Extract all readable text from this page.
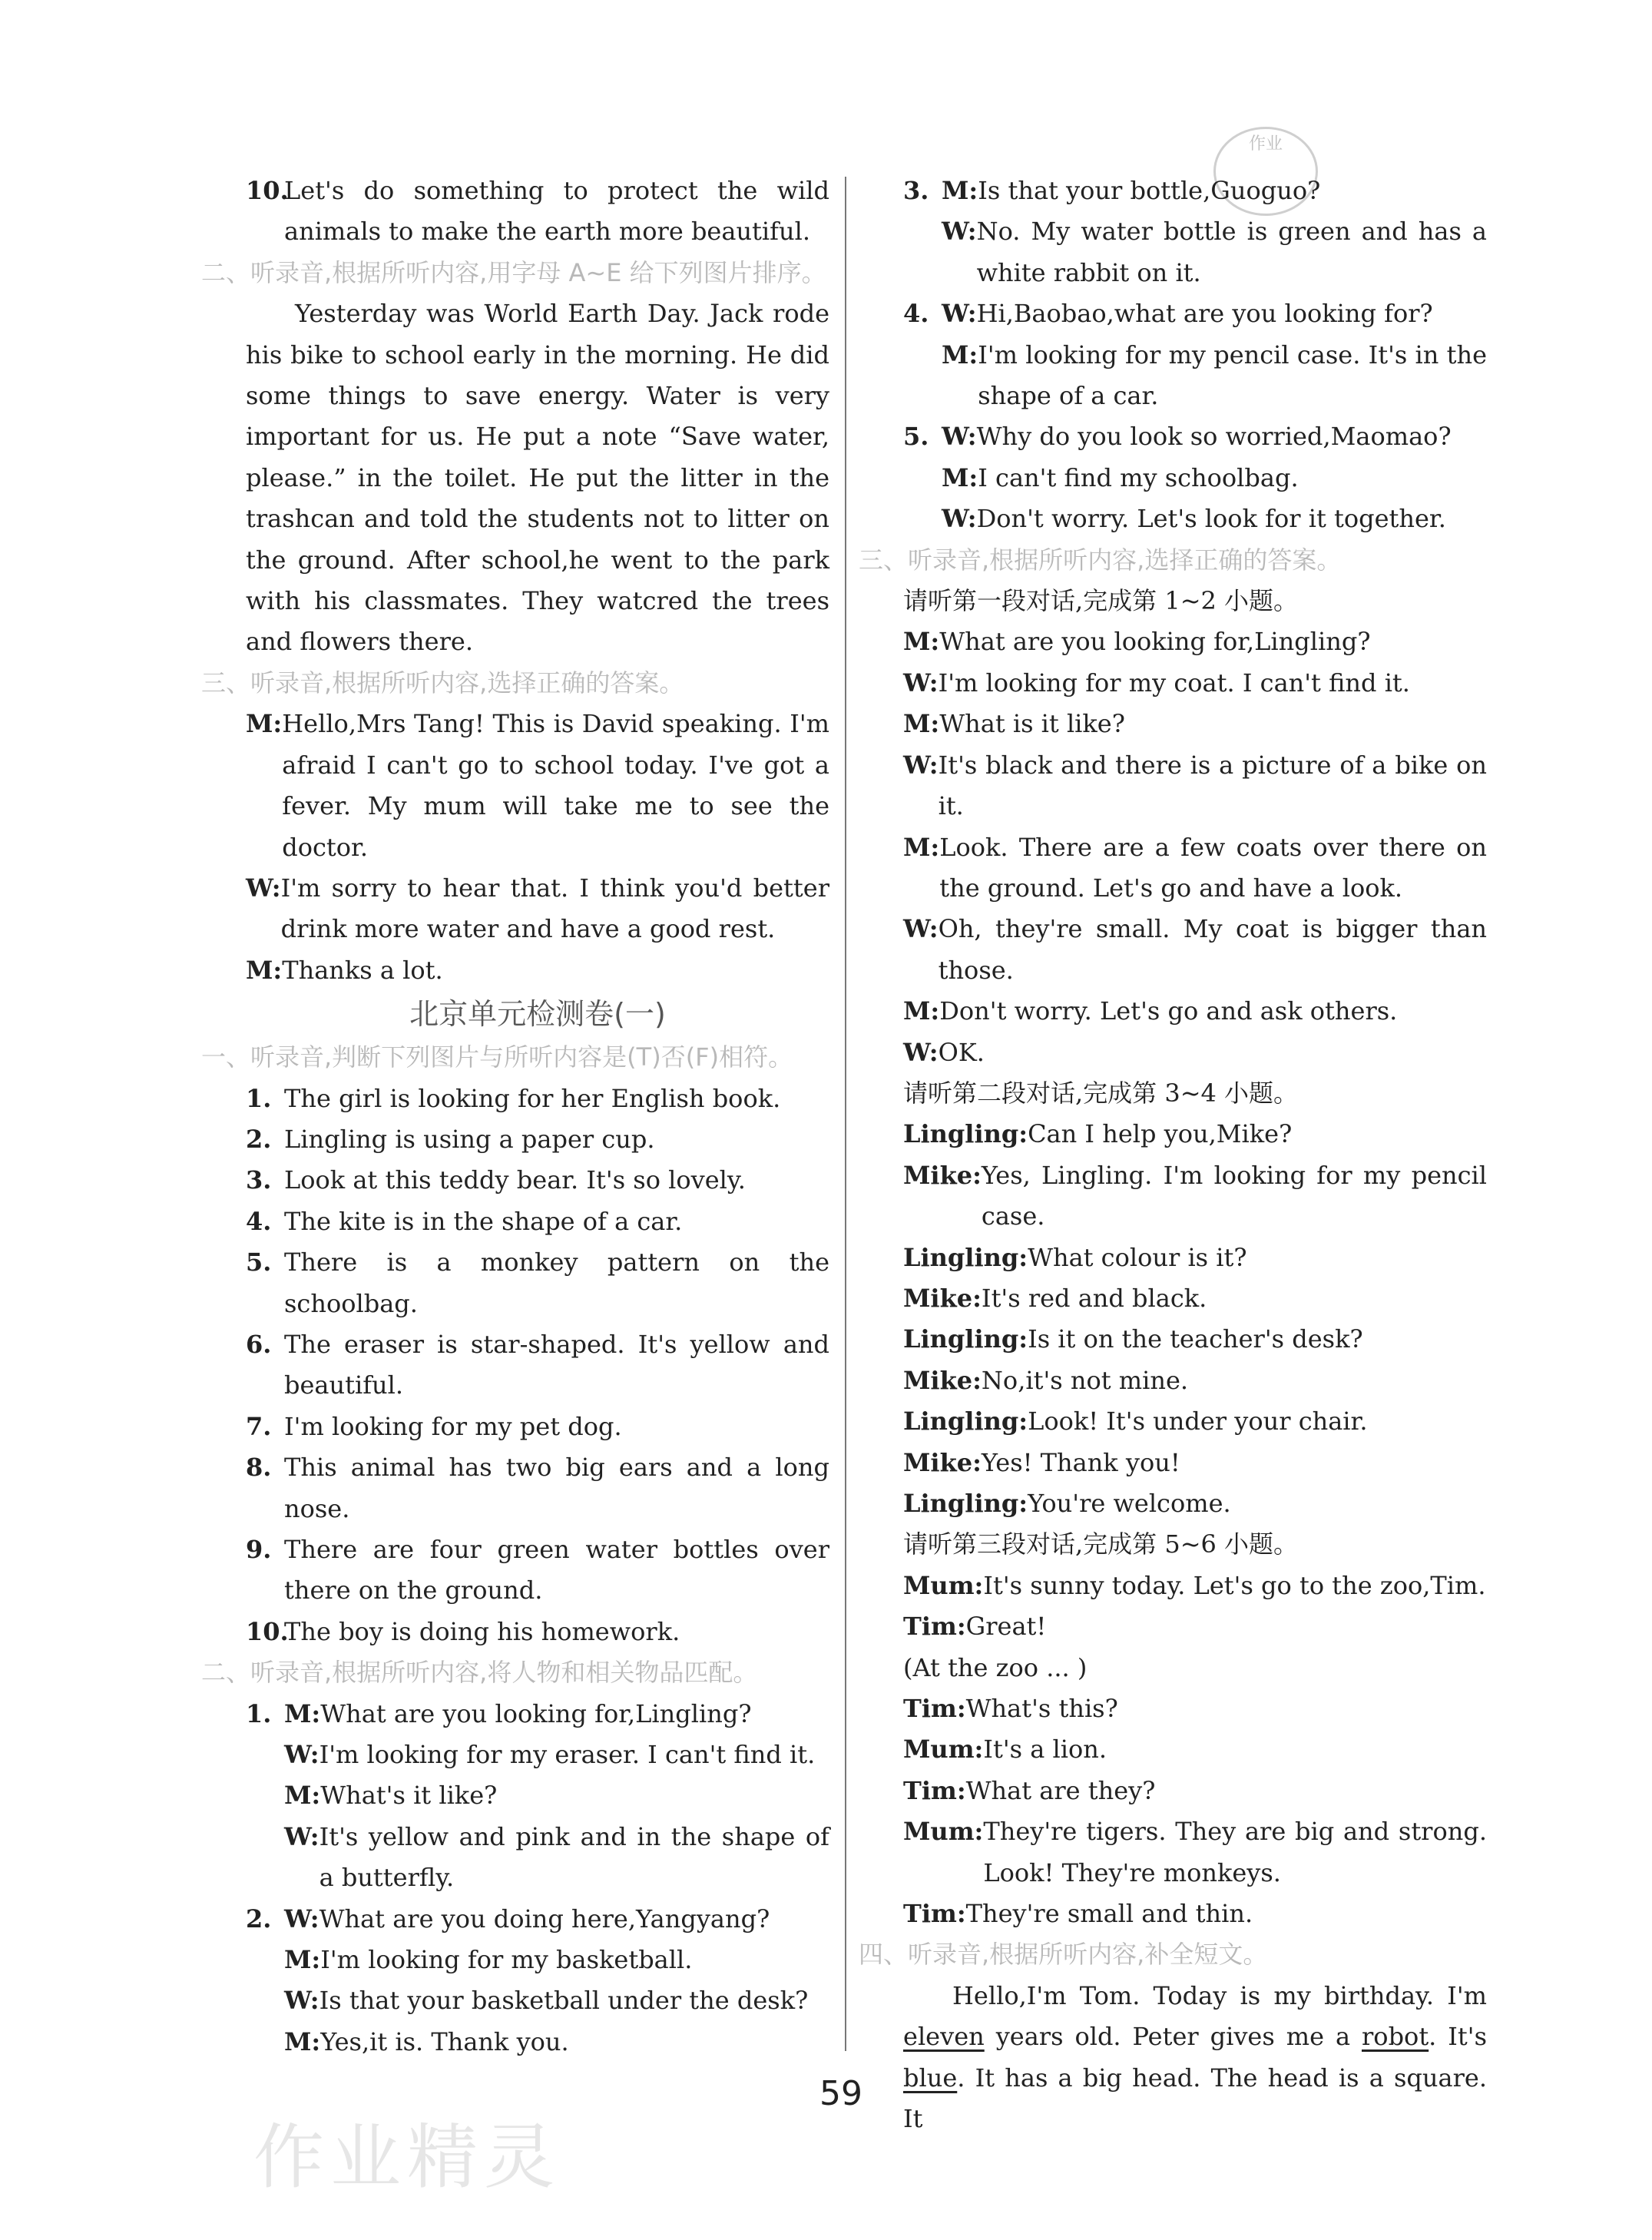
作业
10.
Let's do something to protect the wild animals to make the earth more beautiful.

二、听录音,根据所听内容,用字母 A~E 给下列图片排序。

Yesterday was World Earth Day. Jack rode his bike to school early in the morning. He did some things to save energy. Water is very important for us. He put a note “Save water, please.” in the toilet. He put the litter in the trashcan and told the students not to litter on the ground. After school,he went to the park with his classmates. They watcred the trees and flowers there.

三、听录音,根据所听内容,选择正确的答案。

M: Hello,Mrs Tang! This is David speaking. I'm afraid I can't go to school today. I've got a fever. My mum will take me to see the doctor.
W: I'm sorry to hear that. I think you'd better drink more water and have a good rest.
M: Thanks a lot.

北京单元检测卷(一)

一、听录音,判断下列图片与所听内容是(T)否(F)相符。

1. The girl is looking for her English book.
2. Lingling is using a paper cup.
3. Look at this teddy bear. It's so lovely.
4. The kite is in the shape of a car.
5. There is a monkey pattern on the schoolbag.
6. The eraser is star-shaped. It's yellow and beautiful.
7. I'm looking for my pet dog.
8. This animal has two big ears and a long nose.
9. There are four green water bottles over there on the ground.
10.
The boy is doing his homework.

二、听录音,根据所听内容,将人物和相关物品匹配。

1. M: What are you looking for,Lingling?
W: I'm looking for my eraser. I can't find it.
M: What's it like?
W: It's yellow and pink and in the shape of a butterfly.
2. W: What are you doing here,Yangyang?
M: I'm looking for my basketball.
W: Is that your basketball under the desk?
M: Yes,it is. Thank you.
3. M: Is that your bottle,Guoguo?
W: No. My water bottle is green and has a white rabbit on it.
4. W: Hi,Baobao,what are you looking for?
M: I'm looking for my pencil case. It's in the shape of a car.
5. W: Why do you look so worried,Maomao?
M: I can't find my schoolbag.
W: Don't worry. Let's look for it together.

三、听录音,根据所听内容,选择正确的答案。

请听第一段对话,完成第 1~2 小题。

M: What are you looking for,Lingling?
W: I'm looking for my coat. I can't find it.
M: What is it like?
W: It's black and there is a picture of a bike on it.
M: Look. There are a few coats over there on the ground. Let's go and have a look.
W: Oh, they're small. My coat is bigger than those.
M: Don't worry. Let's go and ask others.
W: OK.

请听第二段对话,完成第 3~4 小题。

Lingling: Can I help you,Mike?
Mike: Yes, Lingling. I'm looking for my pencil case.
Lingling: What colour is it?
Mike: It's red and black.
Lingling: Is it on the teacher's desk?
Mike: No,it's not mine.
Lingling: Look! It's under your chair.
Mike: Yes! Thank you!
Lingling: You're welcome.

请听第三段对话,完成第 5~6 小题。

Mum: It's sunny today. Let's go to the zoo,Tim.
Tim: Great!

(At the zoo ... )

Tim: What's this?
Mum: It's a lion.
Tim: What are they?
Mum: They're tigers. They are big and strong. Look! They're monkeys.
Tim: They're small and thin.

四、听录音,根据所听内容,补全短文。

Hello,I'm Tom. Today is my birthday. I'm eleven years old. Peter gives me a robot. It's blue. It has a big head. The head is a square. It

59
作业精灵
